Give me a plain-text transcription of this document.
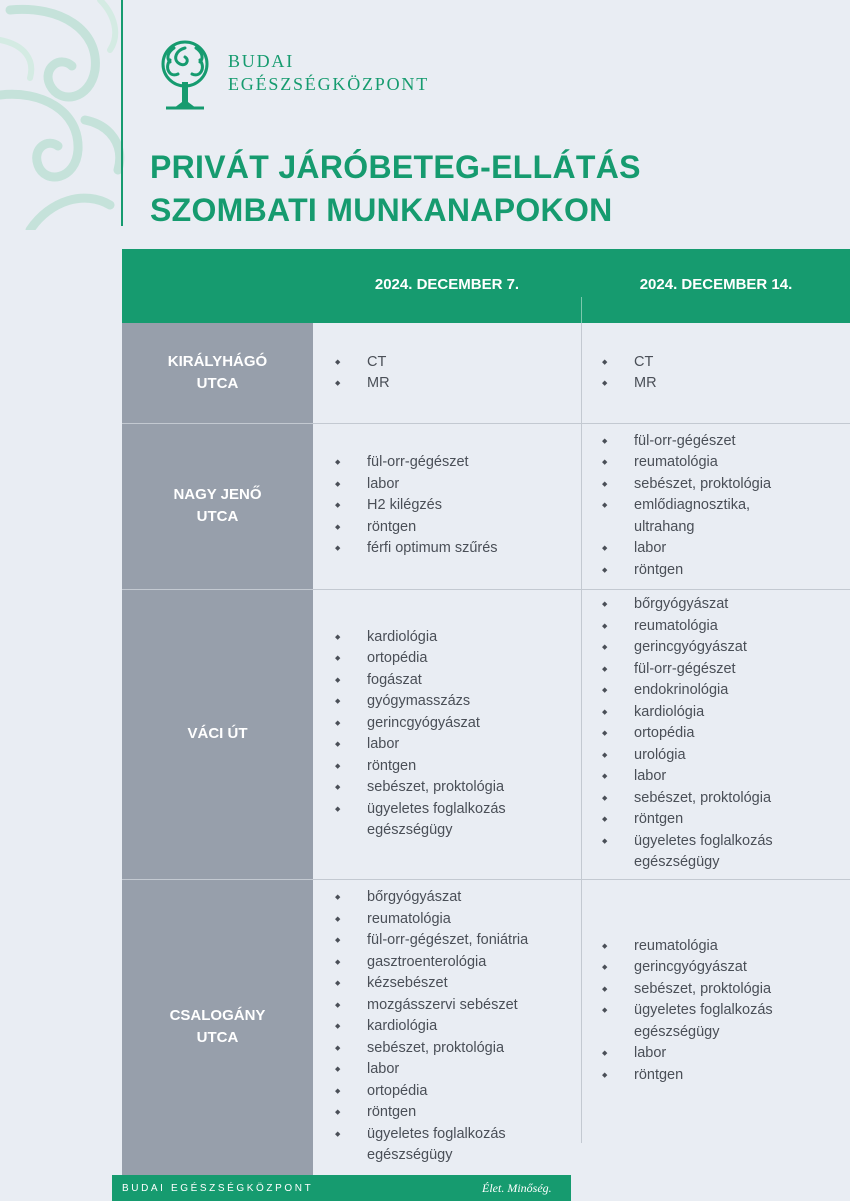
BUDAI
EGÉSZSÉGKÖZPONT
PRIVÁT JÁRÓBETEG-ELLÁTÁS
SZOMBATI MUNKANAPOKON
2024. DECEMBER 7.	2024. DECEMBER 14.
KIRÁLYHÁGÓ
UTCA
NAGY JENŐ
UTCA
VÁCI ÚT
CSALOGÁNY
UTCA
◆ CT
◆ MR
◆ CT
◆ MR
◆ fül-orr-gégészet
◆ labor
◆ H2 kilégzés
◆ röntgen
◆ férfi optimum szűrés
◆ fül-orr-gégészet
◆ reumatológia
◆ sebészet, proktológia
◆ emlődiagnosztika,
ultrahang
◆ labor
◆ röntgen
◆ kardiológia
◆ ortopédia
◆ fogászat
◆ gyógymasszázs
◆ gerincgyógyászat
◆ labor
◆ röntgen
◆ sebészet, proktológia
◆ ügyeletes foglalkozás
egészségügy
◆ bőrgyógyászat
◆ reumatológia
◆ gerincgyógyászat
◆ fül-orr-gégészet
◆ endokrinológia
◆ kardiológia
◆ ortopédia
◆ urológia
◆ labor
◆ sebészet, proktológia
◆ röntgen
◆ ügyeletes foglalkozás
egészségügy
◆ bőrgyógyászat
◆ reumatológia
◆ fül-orr-gégészet, foniátria
◆ gasztroenterológia
◆ kézsebészet
◆ mozgásszervi sebészet
◆ kardiológia
◆ sebészet, proktológia
◆ labor
◆ ortopédia
◆ röntgen
◆ ügyeletes foglalkozás
egészségügy
◆ reumatológia
◆ gerincgyógyászat
◆ sebészet, proktológia
◆ ügyeletes foglalkozás
egészségügy
◆ labor
◆ röntgen
BUDAI EGÉSZSÉGKÖZPONT	Élet. Minőség.
